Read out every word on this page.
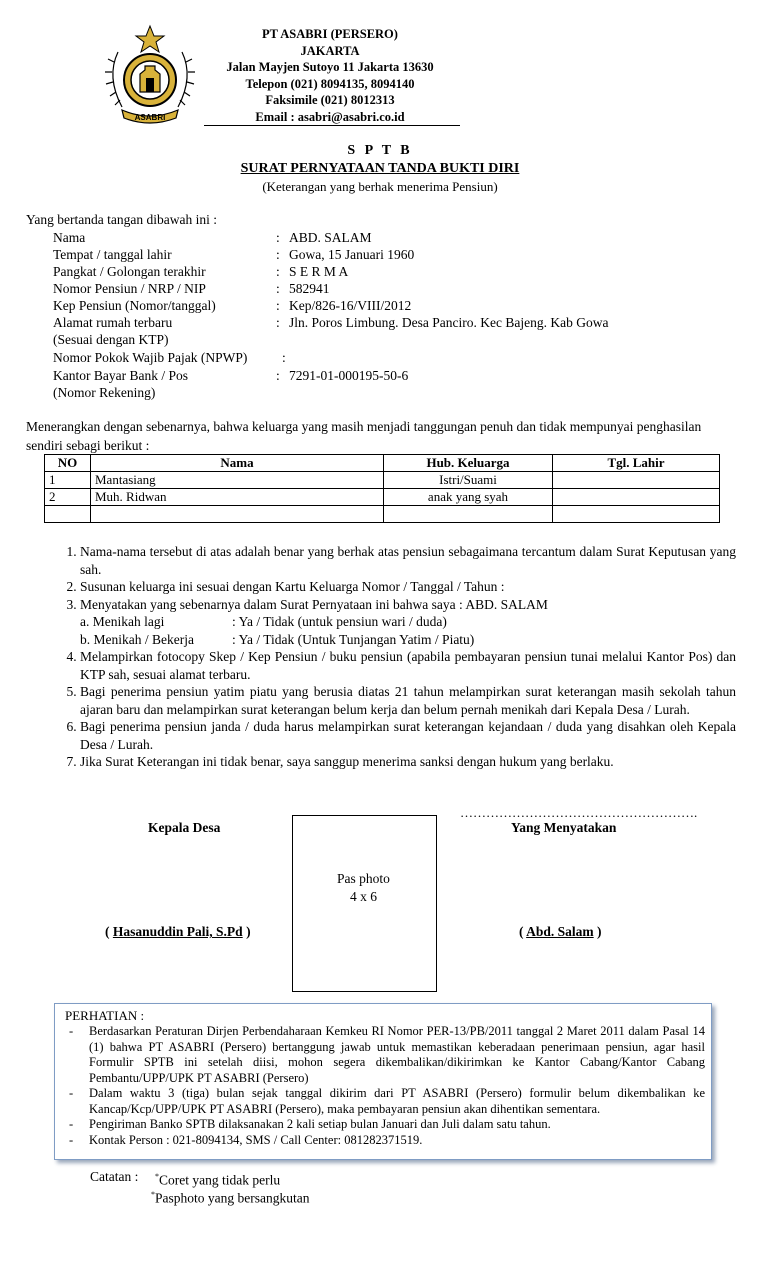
ASABRI
PT ASABRI (PERSERO)
JAKARTA
Jalan Mayjen Sutoyo 11 Jakarta 13630
Telepon (021) 8094135, 8094140
Faksimile (021) 8012313
Email : asabri@asabri.co.id
S P T B
SURAT PERNYATAAN TANDA BUKTI DIRI
(Keterangan yang berhak menerima Pensiun)
Yang bertanda tangan dibawah ini :
Nama	: ABD. SALAM
Tempat / tanggal lahir	: Gowa, 15 Januari 1960
Pangkat / Golongan terakhir	: S E R M A
Nomor Pensiun / NRP / NIP	: 582941
Kep Pensiun (Nomor/tanggal)	: Kep/826-16/VIII/2012
Alamat rumah terbaru	: Jln. Poros Limbung. Desa Panciro. Kec Bajeng. Kab Gowa
(Sesuai dengan KTP)
Nomor Pokok Wajib Pajak (NPWP)	:
Kantor Bayar Bank / Pos	: 7291-01-000195-50-6
(Nomor Rekening)
Menerangkan dengan sebenarnya, bahwa keluarga yang masih menjadi tanggungan penuh dan tidak mempunyai penghasilan sendiri sebagi berikut :
NO	Nama	Hub. Keluarga	Tgl. Lahir
1	Mantasiang	Istri/Suami	
2	Muh. Ridwan	anak yang syah	

1. Nama-nama tersebut di atas adalah benar yang berhak atas pensiun sebagaimana tercantum dalam Surat Keputusan yang sah.
2. Susunan keluarga ini sesuai dengan Kartu Keluarga Nomor / Tanggal / Tahun :
3. Menyatakan yang sebenarnya dalam Surat Pernyataan ini bahwa saya : ABD. SALAM
a. Menikah lagi	: Ya / Tidak (untuk pensiun wari / duda)
b. Menikah / Bekerja	: Ya / Tidak (Untuk Tunjangan Yatim / Piatu)
4. Melampirkan fotocopy Skep / Kep Pensiun / buku pensiun (apabila pembayaran pensiun tunai melalui Kantor Pos) dan KTP sah, sesuai alamat terbaru.
5. Bagi penerima pensiun yatim piatu yang berusia diatas 21 tahun melampirkan surat keterangan masih sekolah tahun ajaran baru dan melampirkan surat keterangan belum kerja dan belum pernah menikah dari Kepala Desa / Lurah.
6. Bagi penerima pensiun janda / duda harus melampirkan surat keterangan kejandaan / duda yang disahkan oleh Kepala Desa / Lurah.
7. Jika Surat Keterangan ini tidak benar, saya sanggup menerima sanksi dengan hukum yang berlaku.
……………………………………………….
Kepala Desa	Yang Menyatakan
Pas photo
4 x 6
( Hasanuddin Pali, S.Pd )	( Abd. Salam )
PERHATIAN :
- Berdasarkan Peraturan Dirjen Perbendaharaan Kemkeu RI Nomor PER-13/PB/2011 tanggal 2 Maret 2011 dalam Pasal 14 (1) bahwa PT ASABRI (Persero) bertanggung jawab untuk memastikan keberadaan penerimaan pensiun, agar hasil Formulir SPTB ini setelah diisi, mohon segera dikembalikan/dikirimkan ke Kantor Cabang/Kantor Cabang Pembantu/UPP/UPK PT ASABRI (Persero)
- Dalam waktu 3 (tiga) bulan sejak tanggal dikirim dari PT ASABRI (Persero) formulir belum dikembalikan ke Kancap/Kcp/UPP/UPK PT ASABRI (Persero), maka pembayaran pensiun akan dihentikan sementara.
- Pengiriman Banko SPTB dilaksanakan 2 kali setiap bulan Januari dan Juli dalam satu tahun.
- Kontak Person : 021-8094134, SMS / Call Center: 081282371519.
Catatan : *Coret yang tidak perlu
*Pasphoto yang bersangkutan
